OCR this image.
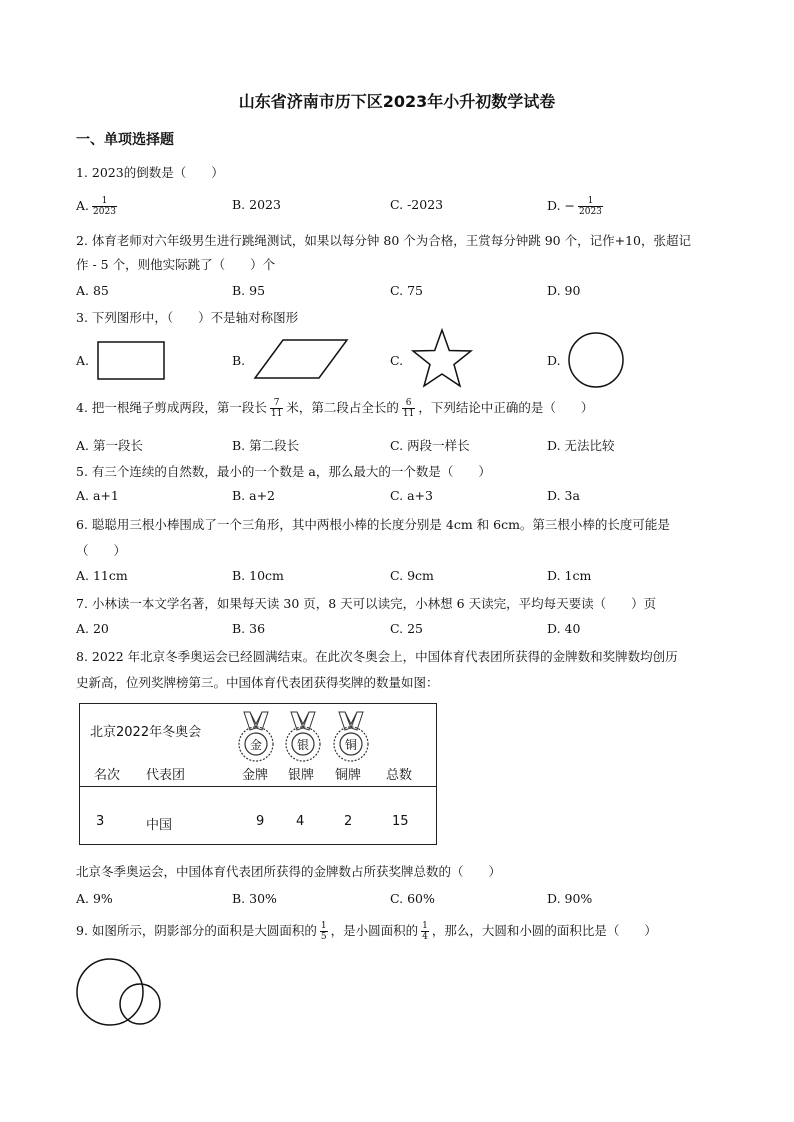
山东省济南市历下区2023年小升初数学试卷
一、单项选择题
1. 2023的倒数是（　　）
A. $\frac{1}{2023}$	B. 2023	C. -2023	D. − $\frac{1}{2023}$
2. 体育老师对六年级男生进行跳绳测试，如果以每分钟 80 个为合格，王赏每分钟跳 90 个，记作+10，张超记
作 - 5 个，则他实际跳了（　　）个
A. 85	B. 95	C. 75	D. 90
3. 下列图形中，（　　）不是轴对称图形
A.	B.	C.	D.
4. 把一根绳子剪成两段，第一段长 $\frac{7}{11}$ 米，第二段占全长的 $\frac{6}{11}$ ，下列结论中正确的是（　　）
A. 第一段长	B. 第二段长	C. 两段一样长	D. 无法比较
5. 有三个连续的自然数，最小的一个数是 a，那么最大的一个数是（　　）
A. a+1	B. a+2	C. a+3	D. 3a
6. 聪聪用三根小棒围成了一个三角形，其中两根小棒的长度分别是 4cm 和 6cm。第三根小棒的长度可能是
（　　）
A. 11cm	B. 10cm	C. 9cm	D. 1cm
7. 小林读一本文学名著，如果每天读 30 页，8 天可以读完，小林想 6 天读完，平均每天要读（　　）页
A. 20	B. 36	C. 25	D. 40
8. 2022 年北京冬季奥运会已经圆满结束。在此次冬奥会上，中国体育代表团所获得的金牌数和奖牌数均创历
史新高，位列奖牌榜第三。中国体育代表团获得奖牌的数量如图：
北京2022年冬奥会
金	银	铜
名次 代表团	金牌 银牌 铜牌 总数
3	中国	9 4	2	15
北京冬季奥运会，中国体育代表团所获得的金牌数占所获奖牌总数的（　　）
A. 9%	B. 30%	C. 60%	D. 90%
9. 如图所示，阴影部分的面积是大圆面积的 $\frac{1}{5}$ ，是小圆面积的 $\frac{1}{4}$ ，那么，大圆和小圆的面积比是（　　）
